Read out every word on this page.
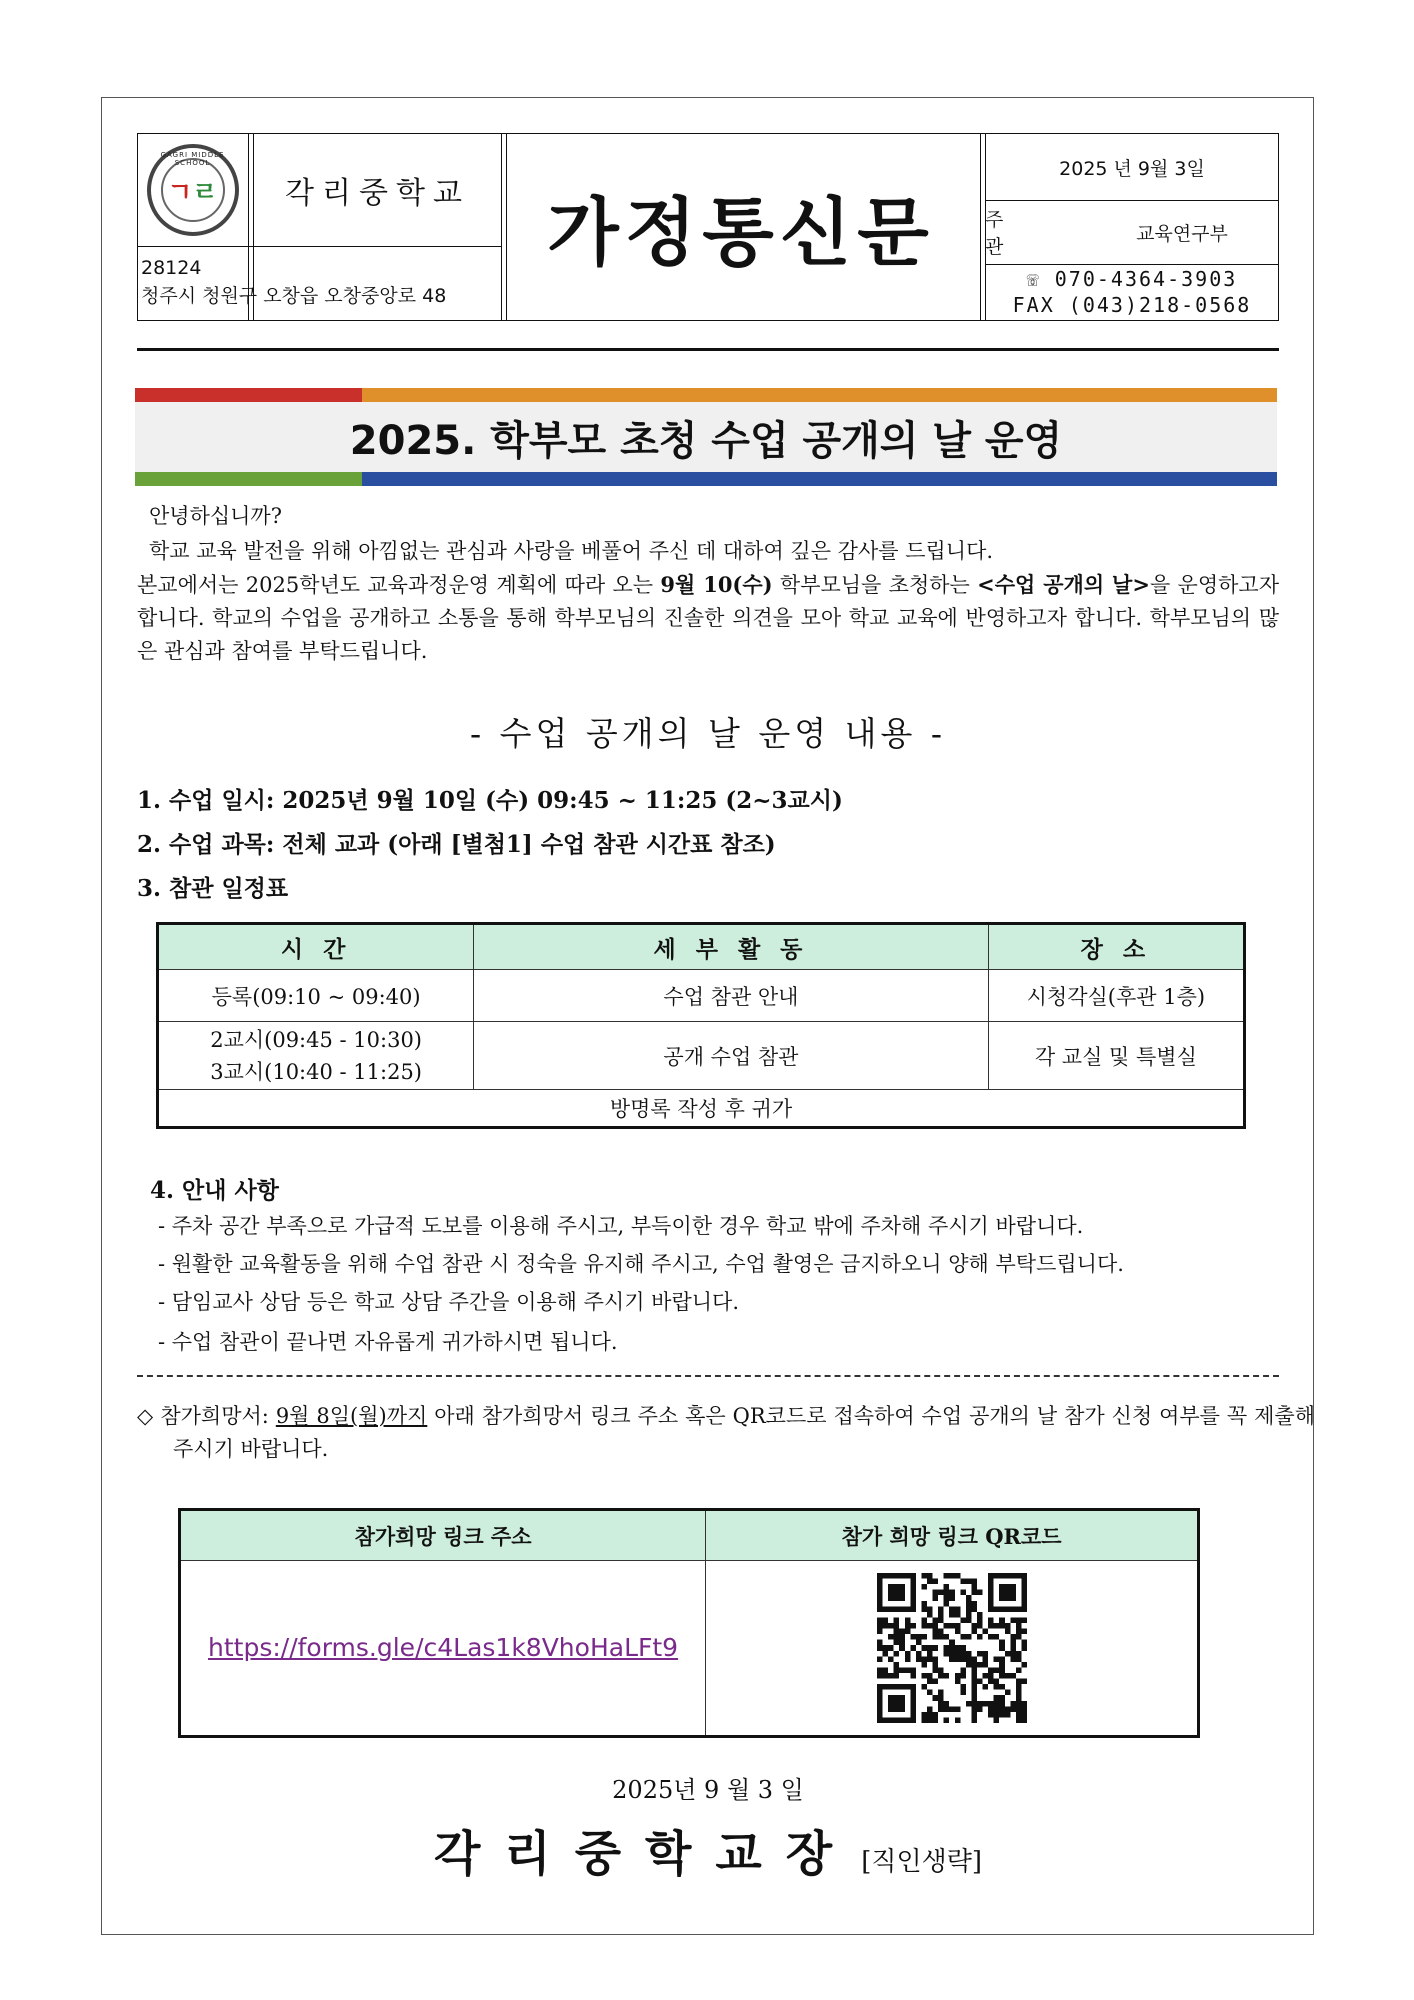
GAGRI MIDDLE SCHOOL
ㄱㄹ	각리중학교
28124
청주시 청원구 오창읍 오창중앙로 48
가정통신문
2025 년 9월 3일
주 관
교육연구부
☏ 070-4364-3903
FAX (043)218-0568
2025. 학부모 초청 수업 공개의 날 운영

안녕하십니까?

학교 교육 발전을 위해 아낌없는 관심과 사랑을 베풀어 주신 데 대하여 깊은 감사를 드립니다.

본교에서는 2025학년도 교육과정운영 계획에 따라 오는 9월 10(수) 학부모님을 초청하는 <수업 공개의 날>을 운영하고자 합니다. 학교의 수업을 공개하고 소통을 통해 학부모님의 진솔한 의견을 모아 학교 교육에 반영하고자 합니다. 학부모님의 많은 관심과 참여를 부탁드립니다.

- 수업 공개의 날 운영 내용 -
1. 수업 일시: 2025년 9월 10일 (수) 09:45 ~ 11:25 (2~3교시)
2. 수업 과목: 전체 교과 (아래 [별첨1] 수업 참관 시간표 참조)
3. 참관 일정표
시 간	세 부 활 동	장 소
등록(09:10 ~ 09:40)	수업 참관 안내	시청각실(후관 1층)

2교시(09:45 - 10:30)
3교시(10:40 - 11:25)	공개 수업 참관	각 교실 및 특별실
방명록 작성 후 귀가		
4. 안내 사항

- 주차 공간 부족으로 가급적 도보를 이용해 주시고, 부득이한 경우 학교 밖에 주차해 주시기 바랍니다.

- 원활한 교육활동을 위해 수업 참관 시 정숙을 유지해 주시고, 수업 촬영은 금지하오니 양해 부탁드립니다.

- 담임교사 상담 등은 학교 상담 주간을 이용해 주시기 바랍니다.

- 수업 참관이 끝나면 자유롭게 귀가하시면 됩니다.

◇ 참가희망서: 9월 8일(월)까지 아래 참가희망서 링크 주소 혹은 QR코드로 접속하여 수업 공개의 날 참가 신청 여부를 꼭 제출해 주시기 바랍니다.

참가희망 링크 주소	참가 희망 링크 QR코드
https://forms.gle/c4Las1k8VhoHaLFt9	
2025년 9 월 3 일
각리중학교장 [직인생략]
